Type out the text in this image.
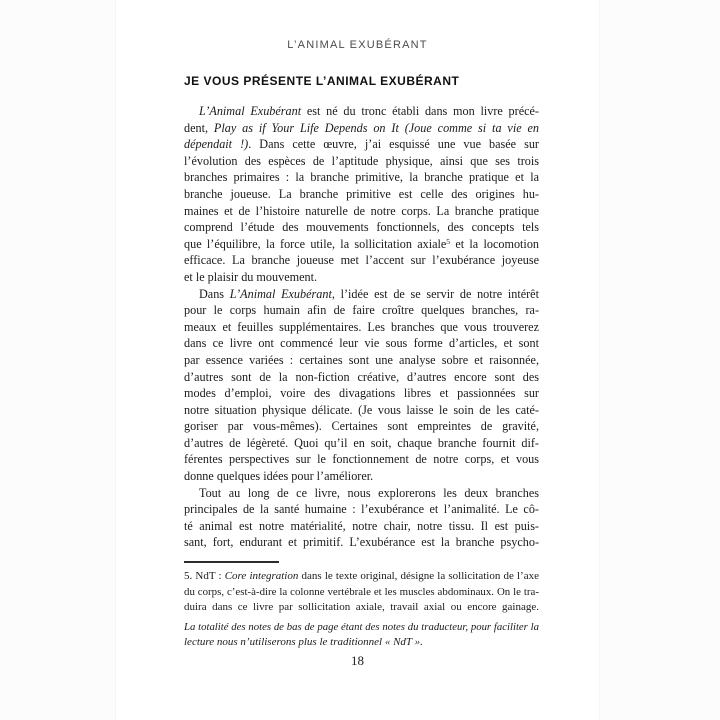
L’ANIMAL EXUBÉRANT
JE VOUS PRÉSENTE L’ANIMAL EXUBÉRANT
L’Animal Exubérant est né du tronc établi dans mon livre précé-
dent, Play as if Your Life Depends on It (Joue comme si ta vie en
dépendait !). Dans cette œuvre, j’ai esquissé une vue basée sur
l’évolution des espèces de l’aptitude physique, ainsi que ses trois
branches primaires : la branche primitive, la branche pratique et la
branche joueuse. La branche primitive est celle des origines hu-
maines et de l’histoire naturelle de notre corps. La branche pratique
comprend l’étude des mouvements fonctionnels, des concepts tels
que l’équilibre, la force utile, la sollicitation axiale$^5$ et la locomotion
efficace. La branche joueuse met l’accent sur l’exubérance joyeuse
et le plaisir du mouvement.
Dans L’Animal Exubérant, l’idée est de se servir de notre intérêt
pour le corps humain afin de faire croître quelques branches, ra-
meaux et feuilles supplémentaires. Les branches que vous trouverez
dans ce livre ont commencé leur vie sous forme d’articles, et sont
par essence variées : certaines sont une analyse sobre et raisonnée,
d’autres sont de la non-fiction créative, d’autres encore sont des
modes d’emploi, voire des divagations libres et passionnées sur
notre situation physique délicate. (Je vous laisse le soin de les caté-
goriser par vous-mêmes). Certaines sont empreintes de gravité,
d’autres de légèreté. Quoi qu’il en soit, chaque branche fournit dif-
férentes perspectives sur le fonctionnement de notre corps, et vous
donne quelques idées pour l’améliorer.
Tout au long de ce livre, nous explorerons les deux branches
principales de la santé humaine : l’exubérance et l’animalité. Le cô-
té animal est notre matérialité, notre chair, notre tissu. Il est puis-
sant, fort, endurant et primitif. L’exubérance est la branche psycho-
5. NdT : Core integration dans le texte original, désigne la sollicitation de l’axe
du corps, c’est-à-dire la colonne vertébrale et les muscles abdominaux. On le tra-
duira dans ce livre par sollicitation axiale, travail axial ou encore gainage.
La totalité des notes de bas de page étant des notes du traducteur, pour faciliter la
lecture nous n’utiliserons plus le traditionnel « NdT ».
18
